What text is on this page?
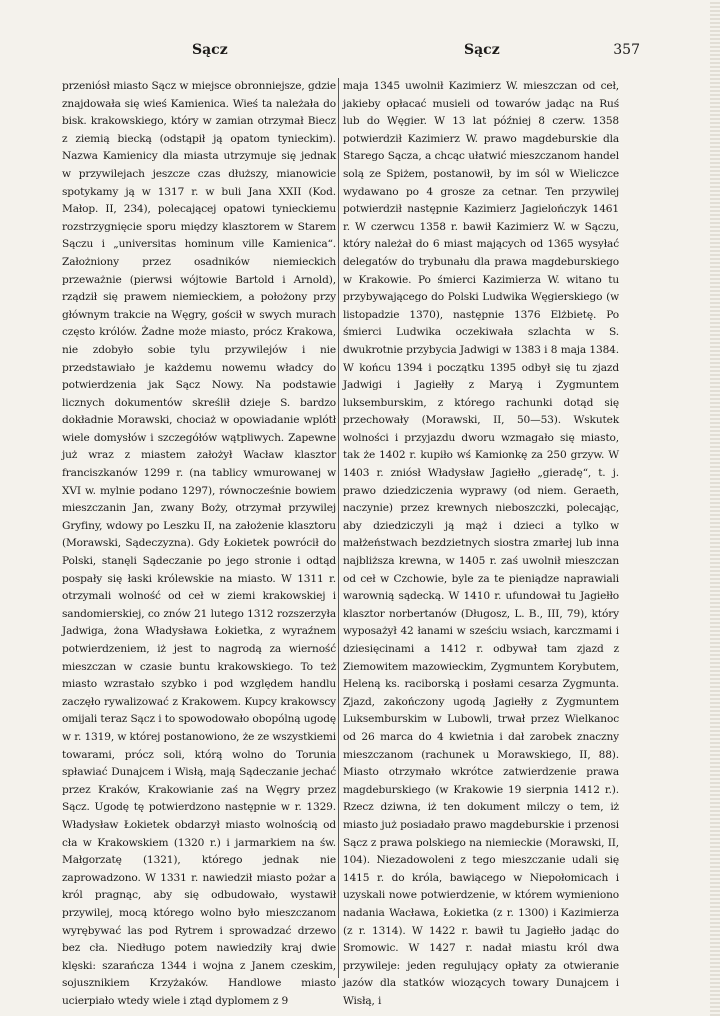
Sącz	Sącz	357

przeniósł miasto Sącz w miejsce obronniejsze, gdzie znajdowała się wieś Kamienica. Wieś ta należała do bisk. krakowskiego, który w zamian otrzymał Biecz z ziemią biecką (odstąpił ją opatom tynieckim). Nazwa Kamienicy dla miasta utrzymuje się jednak w przywilejach jeszcze czas dłuższy, mianowicie spotykamy ją w 1317 r. w buli Jana XXII (Kod. Małop. II, 234), polecającej opatowi tynieckiemu rozstrzygnięcie sporu między klasztorem w Starem Sączu i „universitas hominum ville Kamienica“. Założniony przez osadników niemieckich przeważnie (pierwsi wójtowie Bartold i Arnold), rządził się prawem niemieckiem, a położony przy głównym trakcie na Węgry, gościł w swych murach często królów. Żadne może miasto, prócz Krakowa, nie zdobyło sobie tylu przywilejów i nie przedstawiało je każdemu nowemu władcy do potwierdzenia jak Sącz Nowy. Na podstawie licznych dokumentów skreślił dzieje S. bardzo dokładnie Morawski, chociaż w opowiadanie wplótł wiele domysłów i szczegółów wątpliwych. Zapewne już wraz z miastem założył Wacław klasztor franciszkanów 1299 r. (na tablicy wmurowanej w XVI w. mylnie podano 1297), równocześnie bowiem mieszczanin Jan, zwany Boży, otrzymał przywilej Gryfiny, wdowy po Leszku II, na założenie klasztoru (Morawski, Sądeczyzna). Gdy Łokietek powrócił do Polski, stanęli Sądeczanie po jego stronie i odtąd pospały się łaski królewskie na miasto. W 1311 r. otrzymali wolność od ceł w ziemi krakowskiej i sandomierskiej, co znów 21 lutego 1312 rozszerzyła Jadwiga, żona Władysława Łokietka, z wyraźnem potwierdzeniem, iż jest to nagrodą za wierność mieszczan w czasie buntu krakowskiego. To też miasto wzrastało szybko i pod względem handlu zaczęło rywalizować z Krakowem. Kupcy krakowscy omijali teraz Sącz i to spowodowało obopólną ugodę w r. 1319, w której postanowiono, że ze wszystkiemi towarami, prócz soli, którą wolno do Torunia spławiać Dunajcem i Wisłą, mają Sądeczanie jechać przez Kraków, Krakowianie zaś na Węgry przez Sącz. Ugodę tę potwierdzono następnie w r. 1329. Władysław Łokietek obdarzył miasto wolnością od cła w Krakowskiem (1320 r.) i jarmarkiem na św. Małgorzatę (1321), którego jednak nie zaprowadzono. W 1331 r. nawiedził miasto pożar a król pragnąc, aby się odbudowało, wystawił przywilej, mocą którego wolno było mieszczanom wyrębywać las pod Rytrem i sprowadzać drzewo bez cła. Niedługo potem nawiedziły kraj dwie klęski: szarańcza 1344 i wojna z Janem czeskim, sojusznikiem Krzyżaków. Handlowe miasto ucierpiało wtedy wiele i ztąd dyplomem z 9

maja 1345 uwolnił Kazimierz W. mieszczan od ceł, jakieby opłacać musieli od towarów jadąc na Ruś lub do Węgier. W 13 lat później 8 czerw. 1358 potwierdził Kazimierz W. prawo magdeburskie dla Starego Sącza, a chcąc ułatwić mieszczanom handel solą ze Spiżem, postanowił, by im sól w Wieliczce wydawano po 4 grosze za cetnar. Ten przywilej potwierdził następnie Kazimierz Jagielończyk 1461 r. W czerwcu 1358 r. bawił Kazimierz W. w Sączu, który należał do 6 miast mających od 1365 wysyłać delegatów do trybunału dla prawa magdeburskiego w Krakowie. Po śmierci Kazimierza W. witano tu przybywającego do Polski Ludwika Węgierskiego (w listopadzie 1370), następnie 1376 Elżbietę. Po śmierci Ludwika oczekiwała szlachta w S. dwukrotnie przybycia Jadwigi w 1383 i 8 maja 1384. W końcu 1394 i początku 1395 odbył się tu zjazd Jadwigi i Jagiełły z Maryą i Zygmuntem luksemburskim, z którego rachunki dotąd się przechowały (Morawski, II, 50—53). Wskutek wolności i przyjazdu dworu wzmagało się miasto, tak że 1402 r. kupiło wś Kamionkę za 250 grzyw. W 1403 r. zniósł Władysław Jagiełło „gieradę“, t. j. prawo dziedziczenia wyprawy (od niem. Geraeth, naczynie) przez krewnych nieboszczki, polecając, aby dziedziczyli ją mąż i dzieci a tylko w małżeństwach bezdzietnych siostra zmarłej lub inna najbliższa krewna, w 1405 r. zaś uwolnił mieszczan od ceł w Czchowie, byle za te pieniądze naprawiali warownią sądecką. W 1410 r. ufundował tu Jagiełło klasztor norbertanów (Długosz, L. B., III, 79), który wyposażył 42 łanami w sześciu wsiach, karczmami i dziesięcinami a 1412 r. odbywał tam zjazd z Ziemowitem mazowieckim, Zygmuntem Korybutem, Heleną ks. raciborską i posłami cesarza Zygmunta. Zjazd, zakończony ugodą Jagiełły z Zygmuntem Luksemburskim w Lubowli, trwał przez Wielkanoc od 26 marca do 4 kwietnia i dał zarobek znaczny mieszczanom (rachunek u Morawskiego, II, 88). Miasto otrzymało wkrótce zatwierdzenie prawa magdeburskiego (w Krakowie 19 sierpnia 1412 r.). Rzecz dziwna, iż ten dokument milczy o tem, iż miasto już posiadało prawo magdeburskie i przenosi Sącz z prawa polskiego na niemieckie (Morawski, II, 104). Niezadowoleni z tego mieszczanie udali się 1415 r. do króla, bawiącego w Niepołomicach i uzyskali nowe potwierdzenie, w którem wymieniono nadania Wacława, Łokietka (z r. 1300) i Kazimierza (z r. 1314). W 1422 r. bawił tu Jagiełło jadąc do Sromowic. W 1427 r. nadał miastu król dwa przywileje: jeden regulujący opłaty za otwieranie jazów dla statków wiozących towary Dunajcem i Wisłą, i
